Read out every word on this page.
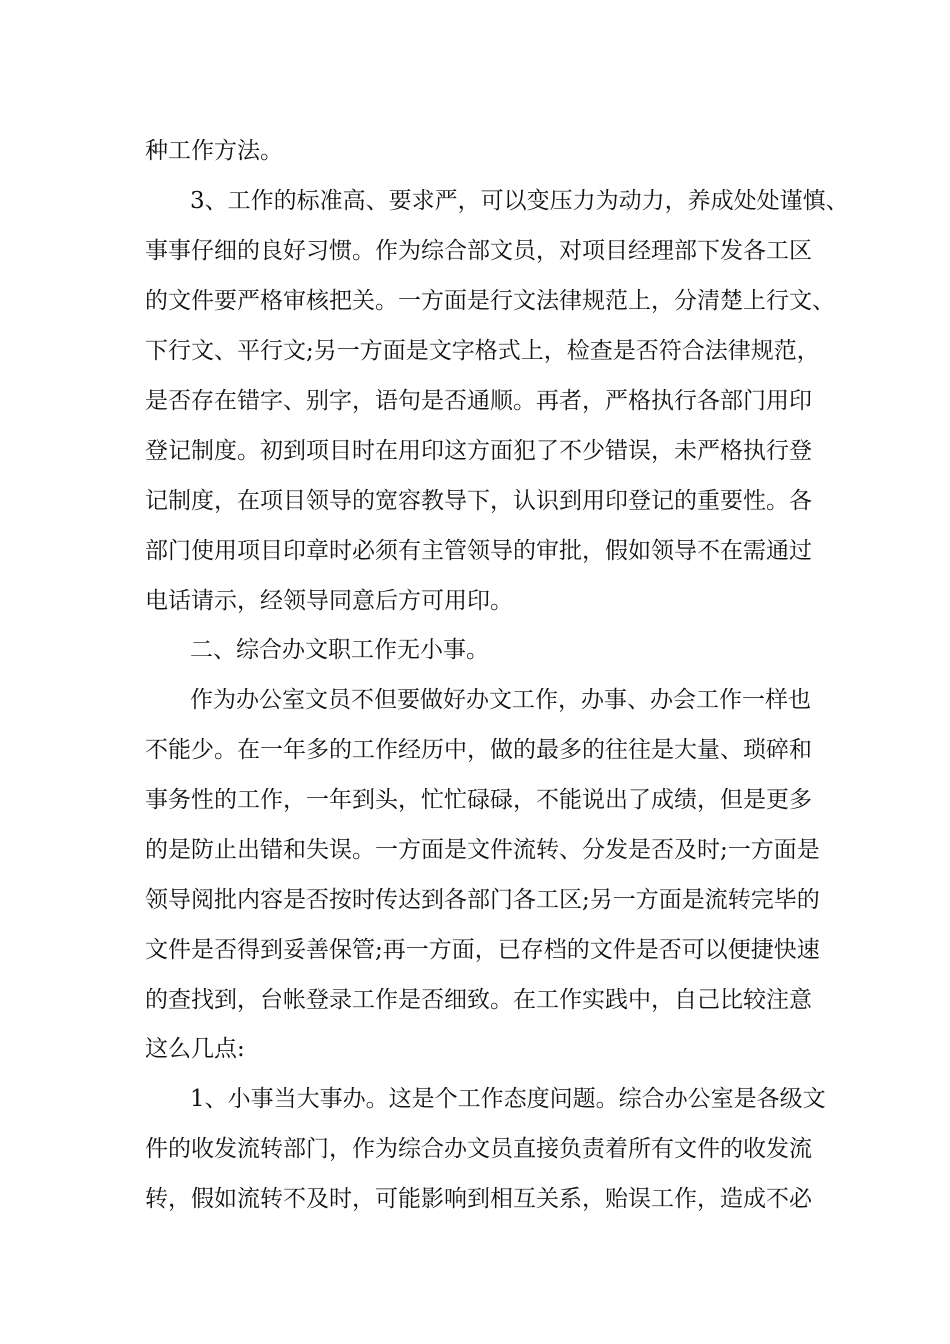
种工作方法。

3、工作的标准高、要求严，可以变压力为动力，养成处处谨慎、

事事仔细的良好习惯。作为综合部文员，对项目经理部下发各工区

的文件要严格审核把关。一方面是行文法律规范上，分清楚上行文、

下行文、平行文;另一方面是文字格式上，检查是否符合法律规范，

是否存在错字、别字，语句是否通顺。再者，严格执行各部门用印

登记制度。初到项目时在用印这方面犯了不少错误，未严格执行登

记制度，在项目领导的宽容教导下，认识到用印登记的重要性。各

部门使用项目印章时必须有主管领导的审批，假如领导不在需通过

电话请示，经领导同意后方可用印。

二、综合办文职工作无小事。

作为办公室文员不但要做好办文工作，办事、办会工作一样也

不能少。在一年多的工作经历中，做的最多的往往是大量、琐碎和

事务性的工作，一年到头，忙忙碌碌，不能说出了成绩，但是更多

的是防止出错和失误。一方面是文件流转、分发是否及时;一方面是

领导阅批内容是否按时传达到各部门各工区;另一方面是流转完毕的

文件是否得到妥善保管;再一方面，已存档的文件是否可以便捷快速

的查找到，台帐登录工作是否细致。在工作实践中，自己比较注意

这么几点:

1、小事当大事办。这是个工作态度问题。综合办公室是各级文

件的收发流转部门，作为综合办文员直接负责着所有文件的收发流

转，假如流转不及时，可能影响到相互关系，贻误工作，造成不必
